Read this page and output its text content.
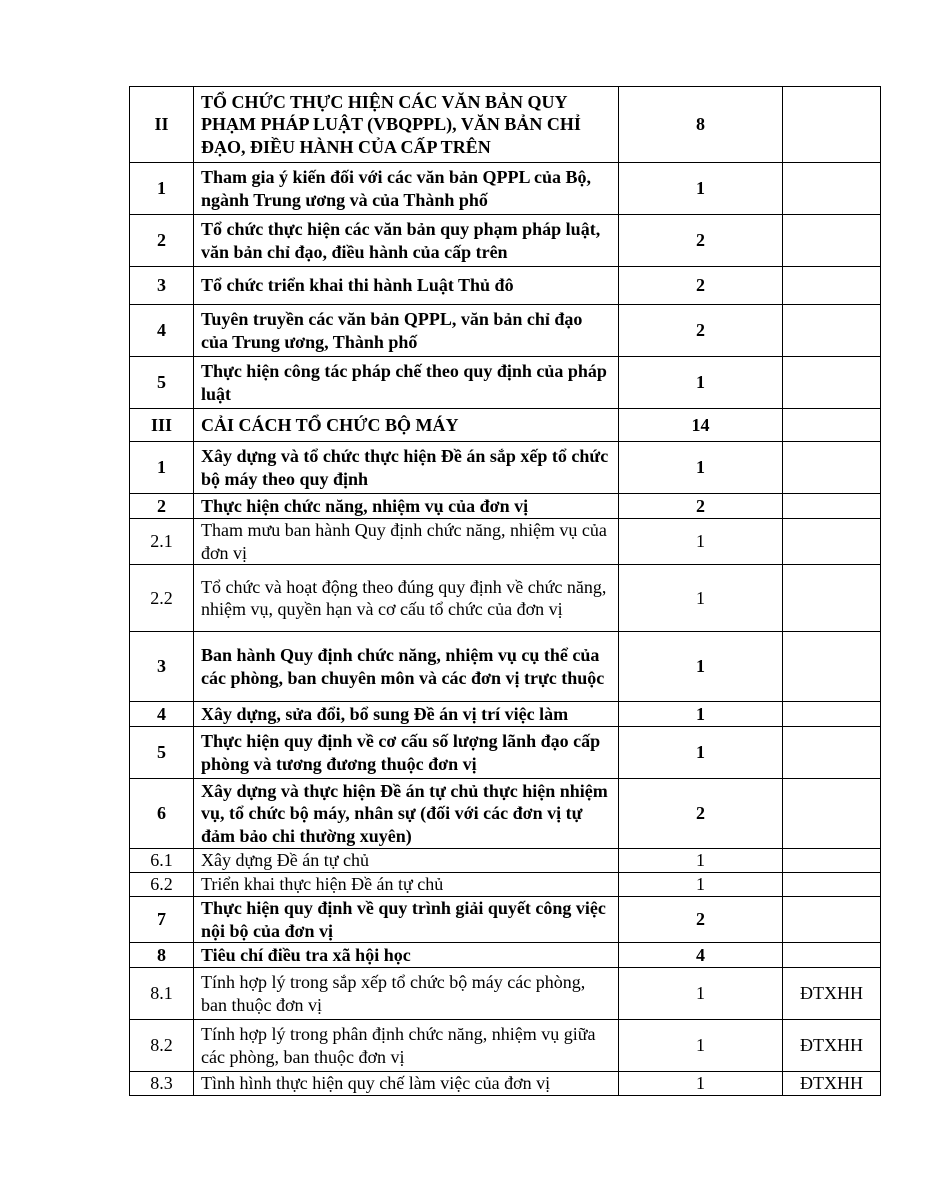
II	TỔ CHỨC THỰC HIỆN CÁC VĂN BẢN QUY PHẠM PHÁP LUẬT (VBQPPL), VĂN BẢN CHỈ ĐẠO, ĐIỀU HÀNH CỦA CẤP TRÊN	8	
1	Tham gia ý kiến đối với các văn bản QPPL của Bộ, ngành Trung ương và của Thành phố	1	
2	Tổ chức thực hiện các văn bản quy phạm pháp luật, văn bản chỉ đạo, điều hành của cấp trên	2	
3	Tổ chức triển khai thi hành Luật Thủ đô	2	
4	Tuyên truyền các văn bản QPPL, văn bản chỉ đạo của Trung ương, Thành phố	2	
5	Thực hiện công tác pháp chế theo quy định của pháp luật	1	
III	CẢI CÁCH TỔ CHỨC BỘ MÁY	14	
1	Xây dựng và tổ chức thực hiện Đề án sắp xếp tổ chức bộ máy theo quy định	1	
2	Thực hiện chức năng, nhiệm vụ của đơn vị	2	
2.1	Tham mưu ban hành Quy định chức năng, nhiệm vụ của đơn vị	1	
2.2	Tổ chức và hoạt động theo đúng quy định về chức năng, nhiệm vụ, quyền hạn và cơ cấu tổ chức của đơn vị	1	
3	Ban hành Quy định chức năng, nhiệm vụ cụ thể của các phòng, ban chuyên môn và các đơn vị trực thuộc	1	
4	Xây dựng, sửa đổi, bổ sung Đề án vị trí việc làm	1	
5	Thực hiện quy định về cơ cấu số lượng lãnh đạo cấp phòng và tương đương thuộc đơn vị	1	
6	Xây dựng và thực hiện Đề án tự chủ thực hiện nhiệm vụ, tổ chức bộ máy, nhân sự (đối với các đơn vị tự đảm bảo chi thường xuyên)	2	
6.1	Xây dựng Đề án tự chủ	1	
6.2	Triển khai thực hiện Đề án tự chủ	1	
7	Thực hiện quy định về quy trình giải quyết công việc nội bộ của đơn vị	2	
8	Tiêu chí điều tra xã hội học	4	
8.1	Tính hợp lý trong sắp xếp tổ chức bộ máy các phòng, ban thuộc đơn vị	1	ĐTXHH
8.2	Tính hợp lý trong phân định chức năng, nhiệm vụ giữa các phòng, ban thuộc đơn vị	1	ĐTXHH
8.3	Tình hình thực hiện quy chế làm việc của đơn vị	1	ĐTXHH
